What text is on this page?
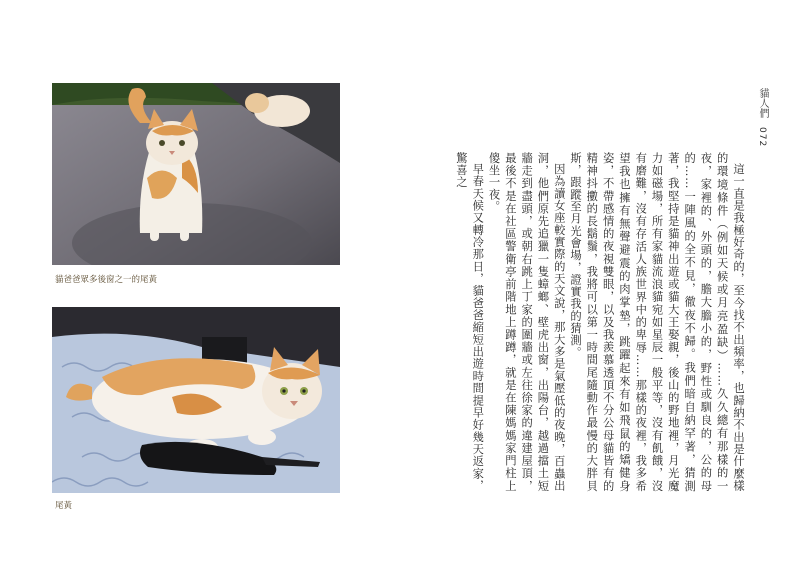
貓爸爸眾多後窗之一的尾黃
尾黃
貓人們 072

這一直是我極好奇的，至今找不出頻率，也歸納不出是什麼樣的環境條件（例如天候或月亮盈缺）……久久總有那樣的一夜，家裡的、外頭的，膽大膽小的，野性或馴良的，公的母的……一陣風的全不見，徹夜不歸。我們暗自納罕著，猜測著，我堅持是貓神出遊或貓大王娶親，後山的野地裡，月光魔力如磁場，所有家貓流浪貓宛如星辰一般平等，沒有飢餓，沒有磨難，沒有存活人族世界中的卑辱……那樣的夜裡，我多希望我也擁有無聲避震的肉掌墊，跳躍起來有如飛鼠的矯健身姿，不帶感情的夜視雙眼，以及我羨慕透頂不分公母貓皆有的精神抖擻的長鬍鬚，我將可以第一時間尾隨動作最慢的大胖貝斯，跟蹤至月光會場，證實我的猜測。

因為讀女座較實際的天文說，那大多是氣壓低的夜晚，百蟲出洞，他們原先追獵一隻蟑螂、壁虎出窗，出陽台，越過擋土短牆走到盡頭，或朝右跳上丁家的圍牆或左往徐家的違建屋頂，最後不是在社區警衛亭前階地上蹲蹲，就是在陳媽媽家門柱上傻坐一夜。

早春天候又轉冷那日，貓爸爸縮短出遊時間提早好幾天返家，驚喜之
